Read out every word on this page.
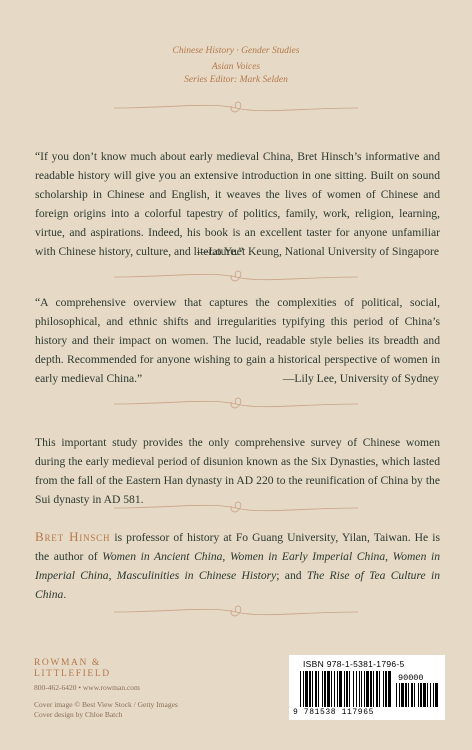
Chinese History · Gender Studies
Asian Voices
Series Editor: Mark Selden
“If you don’t know much about early medieval China, Bret Hinsch’s informative and readable history will give you an extensive introduction in one sitting. Built on sound scholarship in Chinese and English, it weaves the lives of women of Chinese and foreign origins into a colorful tapestry of politics, family, work, religion, learning, virtue, and aspirations. Indeed, his book is an excellent taster for anyone unfamiliar with Chinese history, culture, and literature.”
—Lo Yuet Keung, National University of Singapore
“A comprehensive overview that captures the complexities of political, social, philosophical, and ethnic shifts and irregularities typifying this period of China’s history and their impact on women. The lucid, readable style belies its breadth and depth. Recommended for anyone wishing to gain a historical perspective of women in early medieval China.”	—Lily Lee, University of Sydney
This important study provides the only comprehensive survey of Chinese women during the early medieval period of disunion known as the Six Dynasties, which lasted from the fall of the Eastern Han dynasty in AD 220 to the reunification of China by the Sui dynasty in AD 581.
Bret Hinsch is professor of history at Fo Guang University, Yilan, Taiwan. He is the author of Women in Ancient China, Women in Early Imperial China, Women in Imperial China, Masculinities in Chinese History; and The Rise of Tea Culture in China.
ROWMAN &
LITTLEFIELD
800-462-6420 • www.rowman.com
Cover image © Best View Stock / Getty Images
Cover design by Chloe Batch
ISBN 978-1-5381-1796-5
90000
9 781538 117965
